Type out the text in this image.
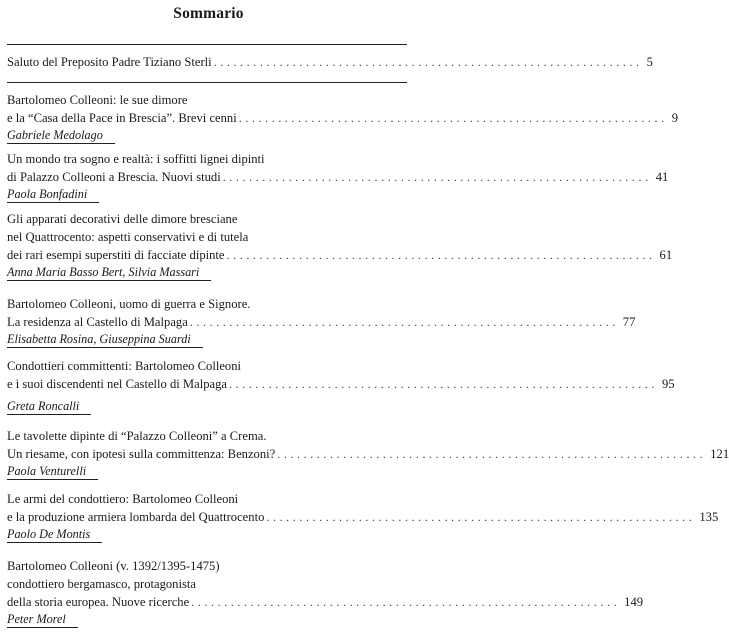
Sommario
Saluto del Preposito Padre Tiziano Sterli ................................................................. 5
Bartolomeo Colleoni: le sue dimore
e la “Casa della Pace in Brescia”. Brevi cenni ................................................................. 9
Gabriele Medolago
Un mondo tra sogno e realtà: i soffitti lignei dipinti
di Palazzo Colleoni a Brescia. Nuovi studi ................................................................. 41
Paola Bonfadini
Gli apparati decorativi delle dimore bresciane
nel Quattrocento: aspetti conservativi e di tutela
dei rari esempi superstiti di facciate dipinte ................................................................. 61
Anna Maria Basso Bert, Silvia Massari
Bartolomeo Colleoni, uomo di guerra e Signore.
La residenza al Castello di Malpaga ................................................................. 77
Elisabetta Rosina, Giuseppina Suardi
Condottieri committenti: Bartolomeo Colleoni
e i suoi discendenti nel Castello di Malpaga ................................................................. 95
Greta Roncalli
Le tavolette dipinte di “Palazzo Colleoni” a Crema.
Un riesame, con ipotesi sulla committenza: Benzoni? ................................................................. 121
Paola Venturelli
Le armi del condottiero: Bartolomeo Colleoni
e la produzione armiera lombarda del Quattrocento ................................................................. 135
Paolo De Montis
Bartolomeo Colleoni (v. 1392/1395-1475)
condottiero bergamasco, protagonista
della storia europea. Nuove ricerche ................................................................. 149
Peter Morel
